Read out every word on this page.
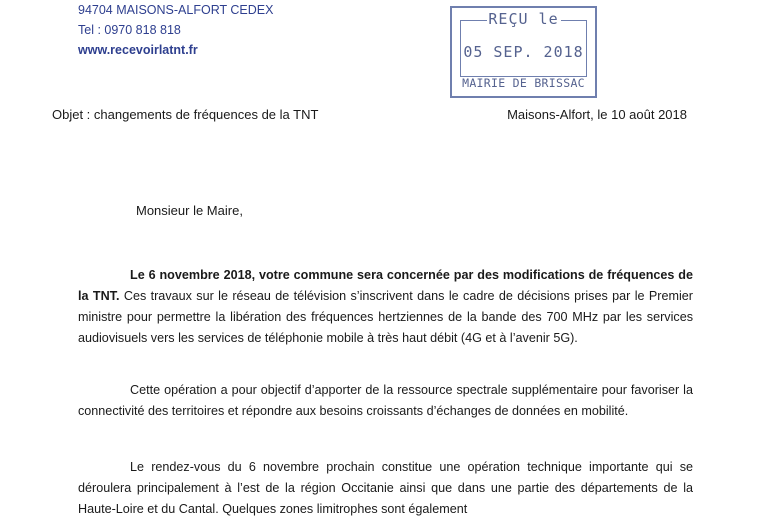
94704 MAISONS-ALFORT CEDEX
Tel : 0970 818 818
www.recevoirlatnt.fr
REÇU le
05 SEP. 2018
MAIRIE DE BRISSAC
Objet : changements de fréquences de la TNT	Maisons-Alfort, le 10 août 2018
Monsieur le Maire,
Le 6 novembre 2018, votre commune sera concernée par des modifications de fréquences de la TNT. Ces travaux sur le réseau de télévision s’inscrivent dans le cadre de décisions prises par le Premier ministre pour permettre la libération des fréquences hertziennes de la bande des 700 MHz par les services audiovisuels vers les services de téléphonie mobile à très haut débit (4G et à l’avenir 5G).
Cette opération a pour objectif d’apporter de la ressource spectrale supplémentaire pour favoriser la connectivité des territoires et répondre aux besoins croissants d’échanges de données en mobilité.
Le rendez-vous du 6 novembre prochain constitue une opération technique importante qui se déroulera principalement à l’est de la région Occitanie ainsi que dans une partie des départements de la Haute-Loire et du Cantal. Quelques zones limitrophes sont également
